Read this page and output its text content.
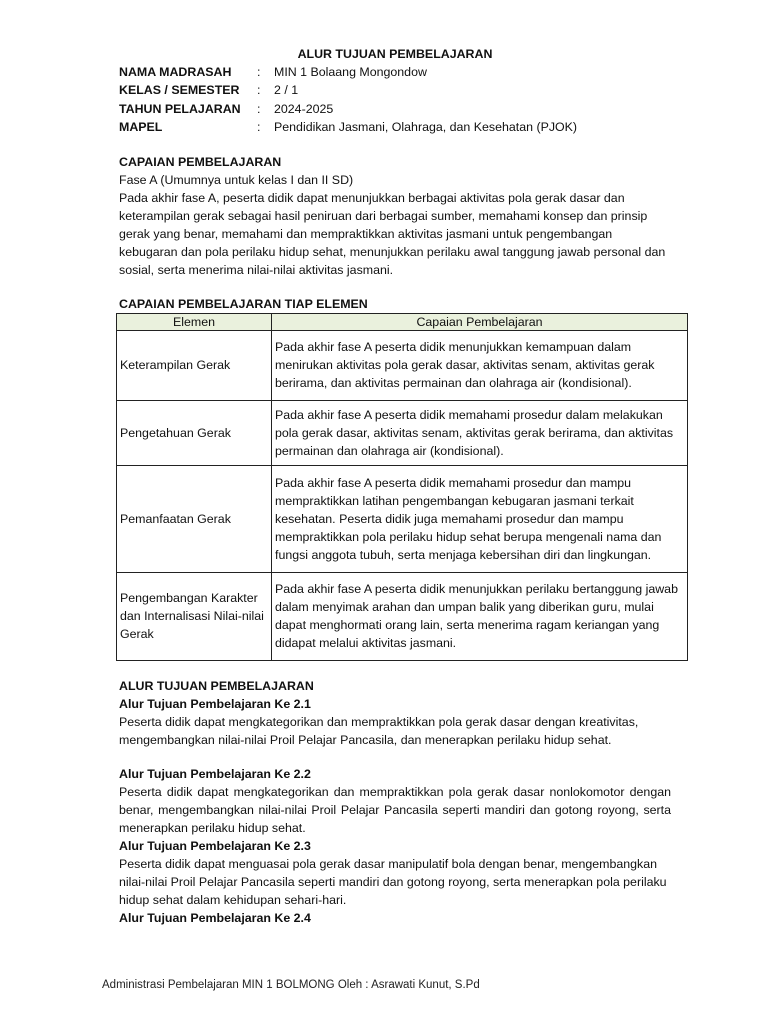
ALUR TUJUAN PEMBELAJARAN
NAMA MADRASAH	:	MIN 1 Bolaang Mongondow
KELAS / SEMESTER	:	2 / 1
TAHUN PELAJARAN	:	2024-2025
MAPEL	:	Pendidikan Jasmani, Olahraga, dan Kesehatan (PJOK)

CAPAIAN PEMBELAJARAN

Fase A (Umumnya untuk kelas I dan II SD)

Pada akhir fase A, peserta didik dapat menunjukkan berbagai aktivitas pola gerak dasar dan keterampilan gerak sebagai hasil peniruan dari berbagai sumber, memahami konsep dan prinsip gerak yang benar, memahami dan mempraktikkan aktivitas jasmani untuk pengembangan kebugaran dan pola perilaku hidup sehat, menunjukkan perilaku awal tanggung jawab personal dan sosial, serta menerima nilai-nilai aktivitas jasmani.

CAPAIAN PEMBELAJARAN TIAP ELEMEN

Elemen	Capaian Pembelajaran
Keterampilan Gerak	Pada akhir fase A peserta didik menunjukkan kemampuan dalam menirukan aktivitas pola gerak dasar, aktivitas senam, aktivitas gerak berirama, dan aktivitas permainan dan olahraga air (kondisional).
Pengetahuan Gerak	Pada akhir fase A peserta didik memahami prosedur dalam melakukan pola gerak dasar, aktivitas senam, aktivitas gerak berirama, dan aktivitas permainan dan olahraga air (kondisional).
Pemanfaatan Gerak	Pada akhir fase A peserta didik memahami prosedur dan mampu mempraktikkan latihan pengembangan kebugaran jasmani terkait kesehatan. Peserta didik juga memahami prosedur dan mampu mempraktikkan pola perilaku hidup sehat berupa mengenali nama dan fungsi anggota tubuh, serta menjaga kebersihan diri dan lingkungan.
Pengembangan Karakter dan Internalisasi Nilai-nilai Gerak	Pada akhir fase A peserta didik menunjukkan perilaku bertanggung jawab dalam menyimak arahan dan umpan balik yang diberikan guru, mulai dapat menghormati orang lain, serta menerima ragam keriangan yang didapat melalui aktivitas jasmani.

ALUR TUJUAN PEMBELAJARAN

Alur Tujuan Pembelajaran Ke 2.1

Peserta didik dapat mengkategorikan dan mempraktikkan pola gerak dasar dengan kreativitas, mengembangkan nilai-nilai Proil Pelajar Pancasila, dan menerapkan perilaku hidup sehat.

Alur Tujuan Pembelajaran Ke 2.2

Peserta didik dapat mengkategorikan dan mempraktikkan pola gerak dasar nonlokomotor dengan benar, mengembangkan nilai-nilai Proil Pelajar Pancasila seperti mandiri dan gotong royong, serta menerapkan perilaku hidup sehat.

Alur Tujuan Pembelajaran Ke 2.3

Peserta didik dapat menguasai pola gerak dasar manipulatif bola dengan benar, mengembangkan nilai-nilai Proil Pelajar Pancasila seperti mandiri dan gotong royong, serta menerapkan pola perilaku hidup sehat dalam kehidupan sehari-hari.

Alur Tujuan Pembelajaran Ke 2.4

Administrasi Pembelajaran MIN 1 BOLMONG Oleh : Asrawati Kunut, S.Pd
